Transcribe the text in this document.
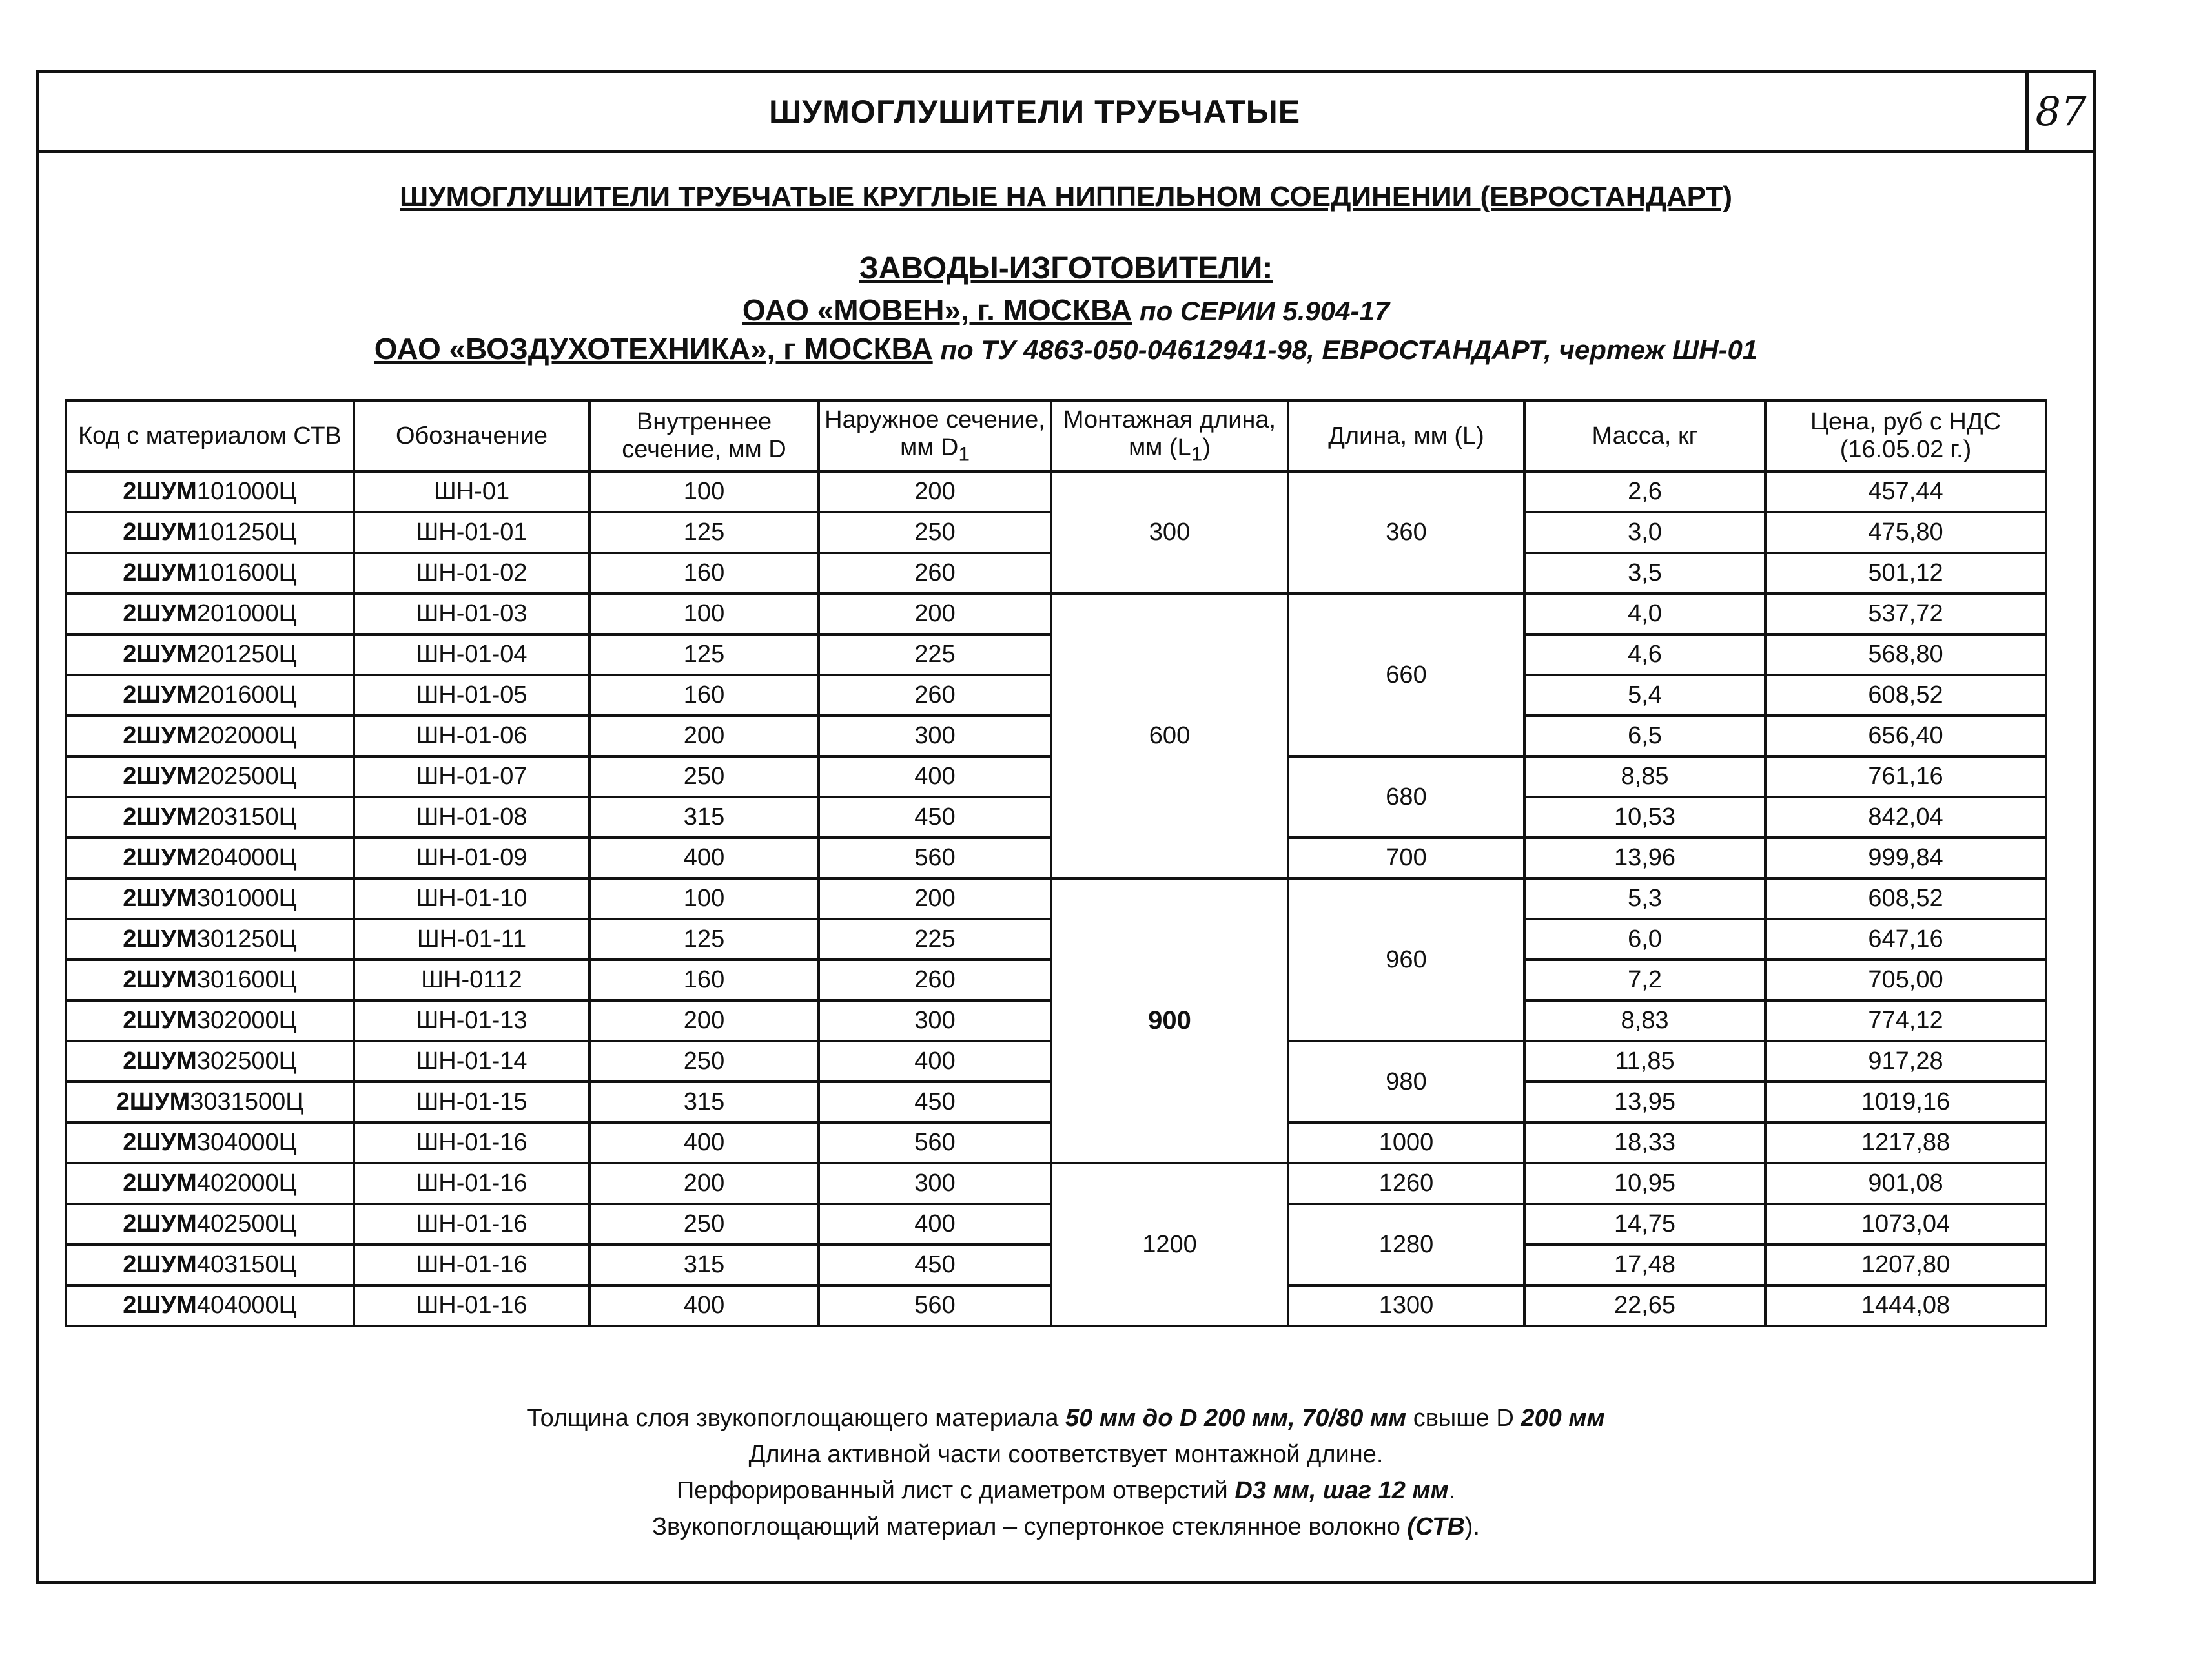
ШУМОГЛУШИТЕЛИ ТРУБЧАТЫЕ	87
ШУМОГЛУШИТЕЛИ ТРУБЧАТЫЕ КРУГЛЫЕ НА НИППЕЛЬНОМ СОЕДИНЕНИИ (ЕВРОСТАНДАРТ)
ЗАВОДЫ-ИЗГОТОВИТЕЛИ:
ОАО «МОВЕН», г. МОСКВА по СЕРИИ 5.904-17
ОАО «ВОЗДУХОТЕХНИКА», г МОСКВА по ТУ 4863-050-04612941-98, ЕВРОСТАНДАРТ, чертеж ШН-01
Код с материалом СТВ	Обозначение	Внутреннее сечение, мм D	Наружное сечение, мм $D_1$	Монтажная длина, мм $(L_1)$	Длина, мм (L)	Масса, кг	Цена, руб с НДС (16.05.02 г.)
2ШУМ101000Ц	ШН-01	100	200	300	360	2,6	457,44
2ШУМ101250Ц	ШН-01-01	125	250			3,0	475,80
2ШУМ101600Ц	ШН-01-02	160	260			3,5	501,12
2ШУМ201000Ц	ШН-01-03	100	200	600	660	4,0	537,72
2ШУМ201250Ц	ШН-01-04	125	225			4,6	568,80
2ШУМ201600Ц	ШН-01-05	160	260			5,4	608,52
2ШУМ202000Ц	ШН-01-06	200	300			6,5	656,40
2ШУМ202500Ц	ШН-01-07	250	400		680	8,85	761,16
2ШУМ203150Ц	ШН-01-08	315	450			10,53	842,04
2ШУМ204000Ц	ШН-01-09	400	560		700	13,96	999,84
2ШУМ301000Ц	ШН-01-10	100	200	900	960	5,3	608,52
2ШУМ301250Ц	ШН-01-11	125	225			6,0	647,16
2ШУМ301600Ц	ШН-0112	160	260			7,2	705,00
2ШУМ302000Ц	ШН-01-13	200	300			8,83	774,12
2ШУМ302500Ц	ШН-01-14	250	400		980	11,85	917,28
2ШУМ3031500Ц	ШН-01-15	315	450			13,95	1019,16
2ШУМ304000Ц	ШН-01-16	400	560		1000	18,33	1217,88
2ШУМ402000Ц	ШН-01-16	200	300	1200	1260	10,95	901,08
2ШУМ402500Ц	ШН-01-16	250	400		1280	14,75	1073,04
2ШУМ403150Ц	ШН-01-16	315	450			17,48	1207,80
2ШУМ404000Ц	ШН-01-16	400	560		1300	22,65	1444,08
Толщина слоя звукопоглощающего материала 50 мм до D 200 мм, 70/80 мм свыше D 200 мм
Длина активной части соответствует монтажной длине.
Перфорированный лист с диаметром отверстий D3 мм, шаг 12 мм.
Звукопоглощающий материал – супертонкое стеклянное волокно (СТВ).
